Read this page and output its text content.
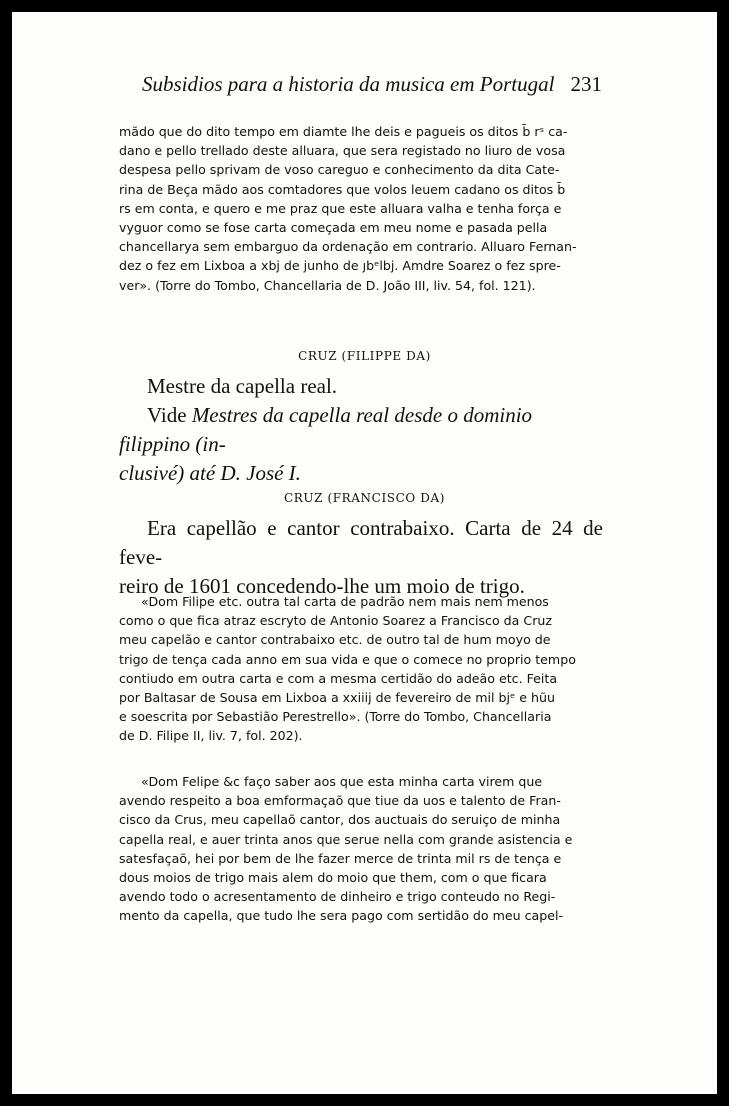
Subsidios para a historia da musica em Portugal 231

mãdo que do dito tempo em diamte lhe deis e pagueis os ditos b̄ rˢ ca-

dano e pello trellado deste alluara, que sera registado no liuro de vosa

despesa pello sprivam de voso careguo e conhecimento da dita Cate-

rina de Beça mãdo aos comtadores que volos leuem cadano os ditos b̄

rs em conta, e quero e me praz que este alluara valha e tenha força e

vyguor como se fose carta começada em meu nome e pasada pella

chancellarya sem embarguo da ordenação em contrario. Alluaro Fernan-

dez o fez em Lixboa a xbj de junho de ȷbᵉlbj. Amdre Soarez o fez spre-

ver». (Torre do Tombo, Chancellaria de D. João III, liv. 54, fol. 121).

CRUZ (FILIPPE DA)

Mestre da capella real.

Vide Mestres da capella real desde o dominio filippino (in-

clusivé) até D. José I.

CRUZ (FRANCISCO DA)

Era capellão e cantor contrabaixo. Carta de 24 de feve-

reiro de 1601 concedendo-lhe um moio de trigo.

«Dom Filipe etc. outra tal carta de padrão nem mais nem menos

como o que fica atraz escryto de Antonio Soarez a Francisco da Cruz

meu capelão e cantor contrabaixo etc. de outro tal de hum moyo de

trigo de tença cada anno em sua vida e que o comece no proprio tempo

contiudo em outra carta e com a mesma certidão do adeão etc. Feita

por Baltasar de Sousa em Lixboa a xxiiij de fevereiro de mil bjᵉ e hũu

e soescrita por Sebastião Perestrello». (Torre do Tombo, Chancellaria

de D. Filipe II, liv. 7, fol. 202).

«Dom Felipe &c faço saber aos que esta minha carta virem que

avendo respeito a boa emformaçaõ que tiue da uos e talento de Fran-

cisco da Crus, meu capellaõ cantor, dos auctuais do seruiço de minha

capella real, e auer trinta anos que serue nella com grande asistencia e

satesfaçaõ, hei por bem de lhe fazer merce de trinta mil rs de tença e

dous moios de trigo mais alem do moio que them, com o que ficara

avendo todo o acresentamento de dinheiro e trigo conteudo no Regi-

mento da capella, que tudo lhe sera pago com sertidão do meu capel-
